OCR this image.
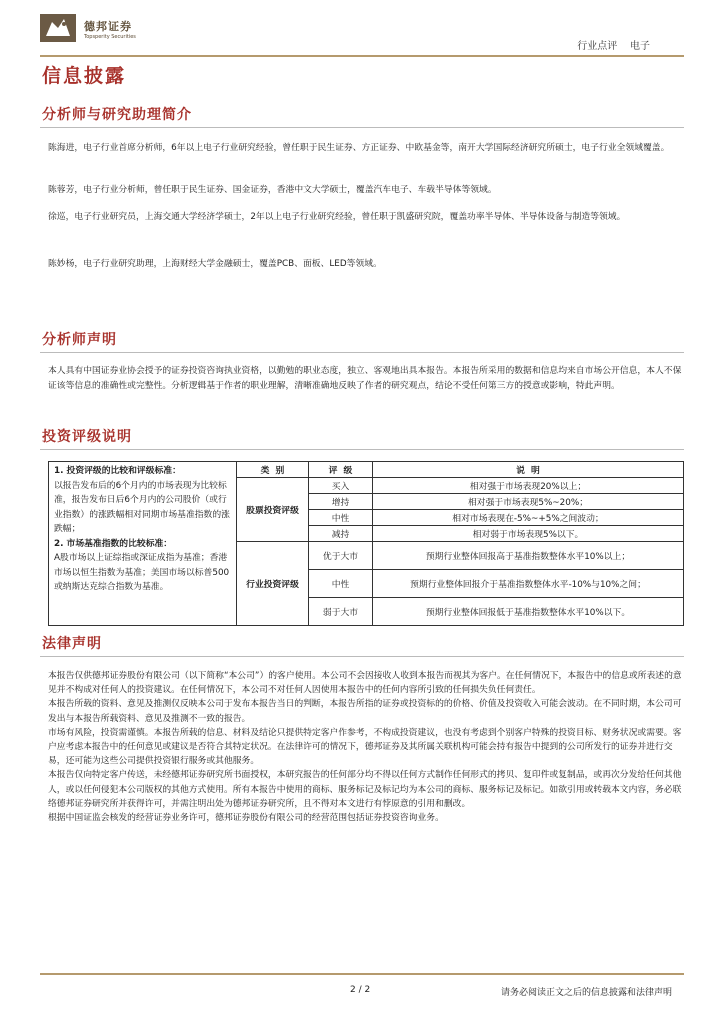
德邦证券
Topsperity Securities
行业点评    电子
信息披露
分析师与研究助理简介
陈海进，电子行业首席分析师，6年以上电子行业研究经验，曾任职于民生证券、方正证券、中欧基金等，南开大学国际经济研究所硕士，电子行业全领域覆盖。
陈蓉芳，电子行业分析师，曾任职于民生证券、国金证券，香港中文大学硕士，覆盖汽车电子、车载半导体等领域。
徐巡，电子行业研究员，上海交通大学经济学硕士，2年以上电子行业研究经验，曾任职于凯盛研究院，覆盖功率半导体、半导体设备与制造等领域。
陈妙杨，电子行业研究助理，上海财经大学金融硕士，覆盖PCB、面板、LED等领域。
分析师声明
本人具有中国证券业协会授予的证券投资咨询执业资格，以勤勉的职业态度，独立、客观地出具本报告。本报告所采用的数据和信息均来自市场公开信息，本人不保证该等信息的准确性或完整性。分析逻辑基于作者的职业理解，清晰准确地反映了作者的研究观点，结论不受任何第三方的授意或影响，特此声明。
投资评级说明
1. 投资评级的比较和评级标准：
以报告发布后的6个月内的市场表现为比较标准，报告发布日后6个月内的公司股价（或行业指数）的涨跌幅相对同期市场基准指数的涨跌幅；
2. 市场基准指数的比较标准：
A股市场以上证综指或深证成指为基准；香港市场以恒生指数为基准；美国市场以标普500或纳斯达克综合指数为基准。	类  别	评  级	说  明
	股票投资评级	买入	相对强于市场表现20%以上；
		增持	相对强于市场表现5%~20%；
		中性	相对市场表现在-5%~+5%之间波动；
		减持	相对弱于市场表现5%以下。
	行业投资评级	优于大市	预期行业整体回报高于基准指数整体水平10%以上；
		中性	预期行业整体回报介于基准指数整体水平-10%与10%之间；
		弱于大市	预期行业整体回报低于基准指数整体水平10%以下。
法律声明
本报告仅供德邦证券股份有限公司（以下简称“本公司”）的客户使用。本公司不会因接收人收到本报告而视其为客户。在任何情况下，本报告中的信息或所表述的意见并不构成对任何人的投资建议。在任何情况下，本公司不对任何人因使用本报告中的任何内容所引致的任何损失负任何责任。
本报告所载的资料、意见及推测仅反映本公司于发布本报告当日的判断，本报告所指的证券或投资标的的价格、价值及投资收入可能会波动。在不同时期，本公司可发出与本报告所载资料、意见及推测不一致的报告。
市场有风险，投资需谨慎。本报告所载的信息、材料及结论只提供特定客户作参考，不构成投资建议，也没有考虑到个别客户特殊的投资目标、财务状况或需要。客户应考虑本报告中的任何意见或建议是否符合其特定状况。在法律许可的情况下，德邦证券及其所属关联机构可能会持有报告中提到的公司所发行的证券并进行交易，还可能为这些公司提供投资银行服务或其他服务。
本报告仅向特定客户传送，未经德邦证券研究所书面授权，本研究报告的任何部分均不得以任何方式制作任何形式的拷贝、复印件或复制品，或再次分发给任何其他人，或以任何侵犯本公司版权的其他方式使用。所有本报告中使用的商标、服务标记及标记均为本公司的商标、服务标记及标记。如欲引用或转载本文内容，务必联络德邦证券研究所并获得许可，并需注明出处为德邦证券研究所，且不得对本文进行有悖原意的引用和删改。
根据中国证监会核发的经营证券业务许可，德邦证券股份有限公司的经营范围包括证券投资咨询业务。
2 / 2	请务必阅读正文之后的信息披露和法律声明
